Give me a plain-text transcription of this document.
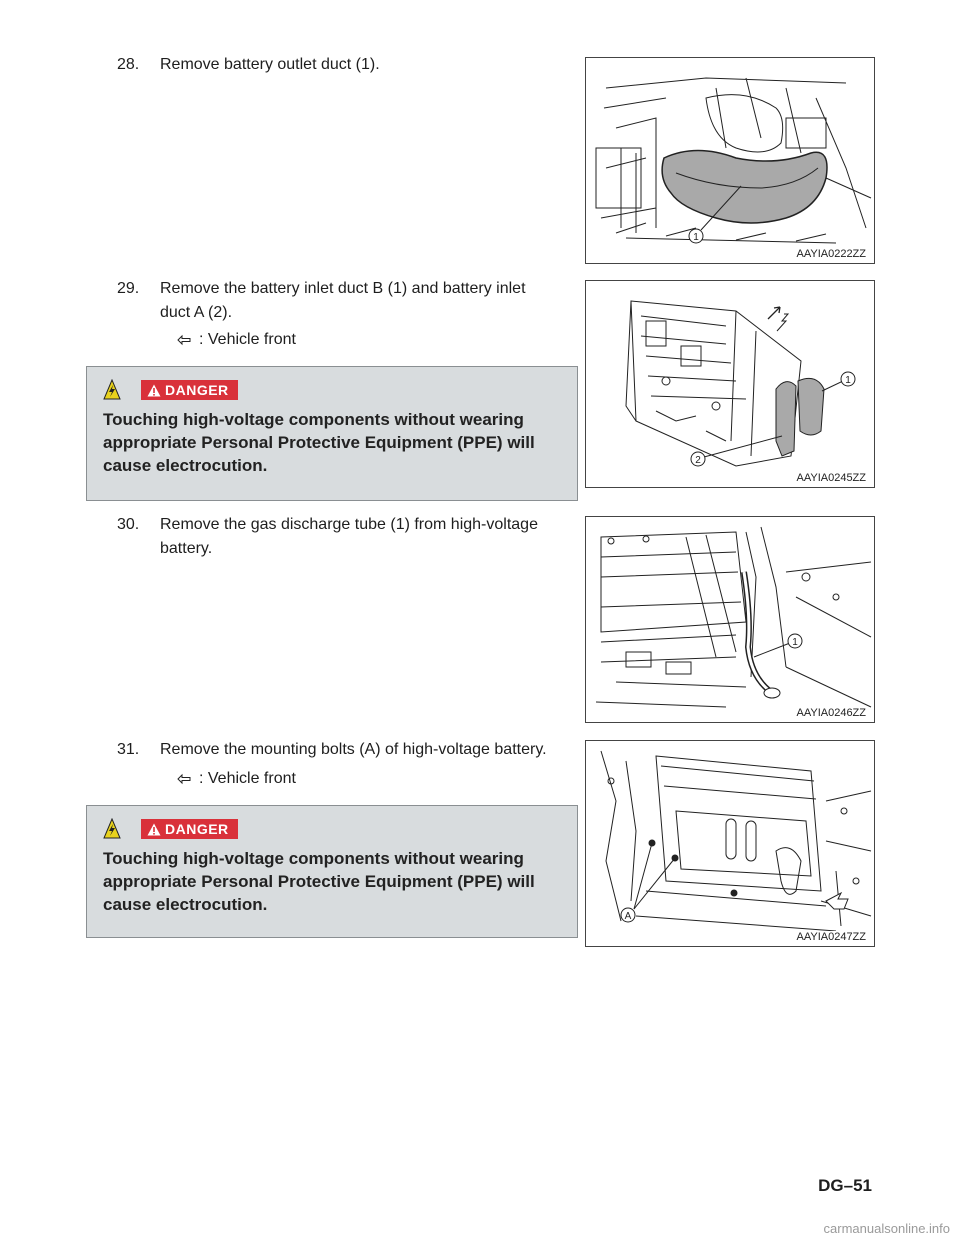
28. Remove battery outlet duct (1).
1
AAYIA0222ZZ
29. Remove the battery inlet duct B (1) and battery inlet duct A (2).
: Vehicle front
DANGER
Touching high-voltage components without wearing appropriate Personal Protective Equipment (PPE) will cause electrocution.
1
2
AAYIA0245ZZ
30. Remove the gas discharge tube (1) from high-voltage battery.
1
AAYIA0246ZZ
31. Remove the mounting bolts (A) of high-voltage battery.
: Vehicle front
DANGER
Touching high-voltage components without wearing appropriate Personal Protective Equipment (PPE) will cause electrocution.
A
AAYIA0247ZZ
DG–51
carmanualsonline.info
